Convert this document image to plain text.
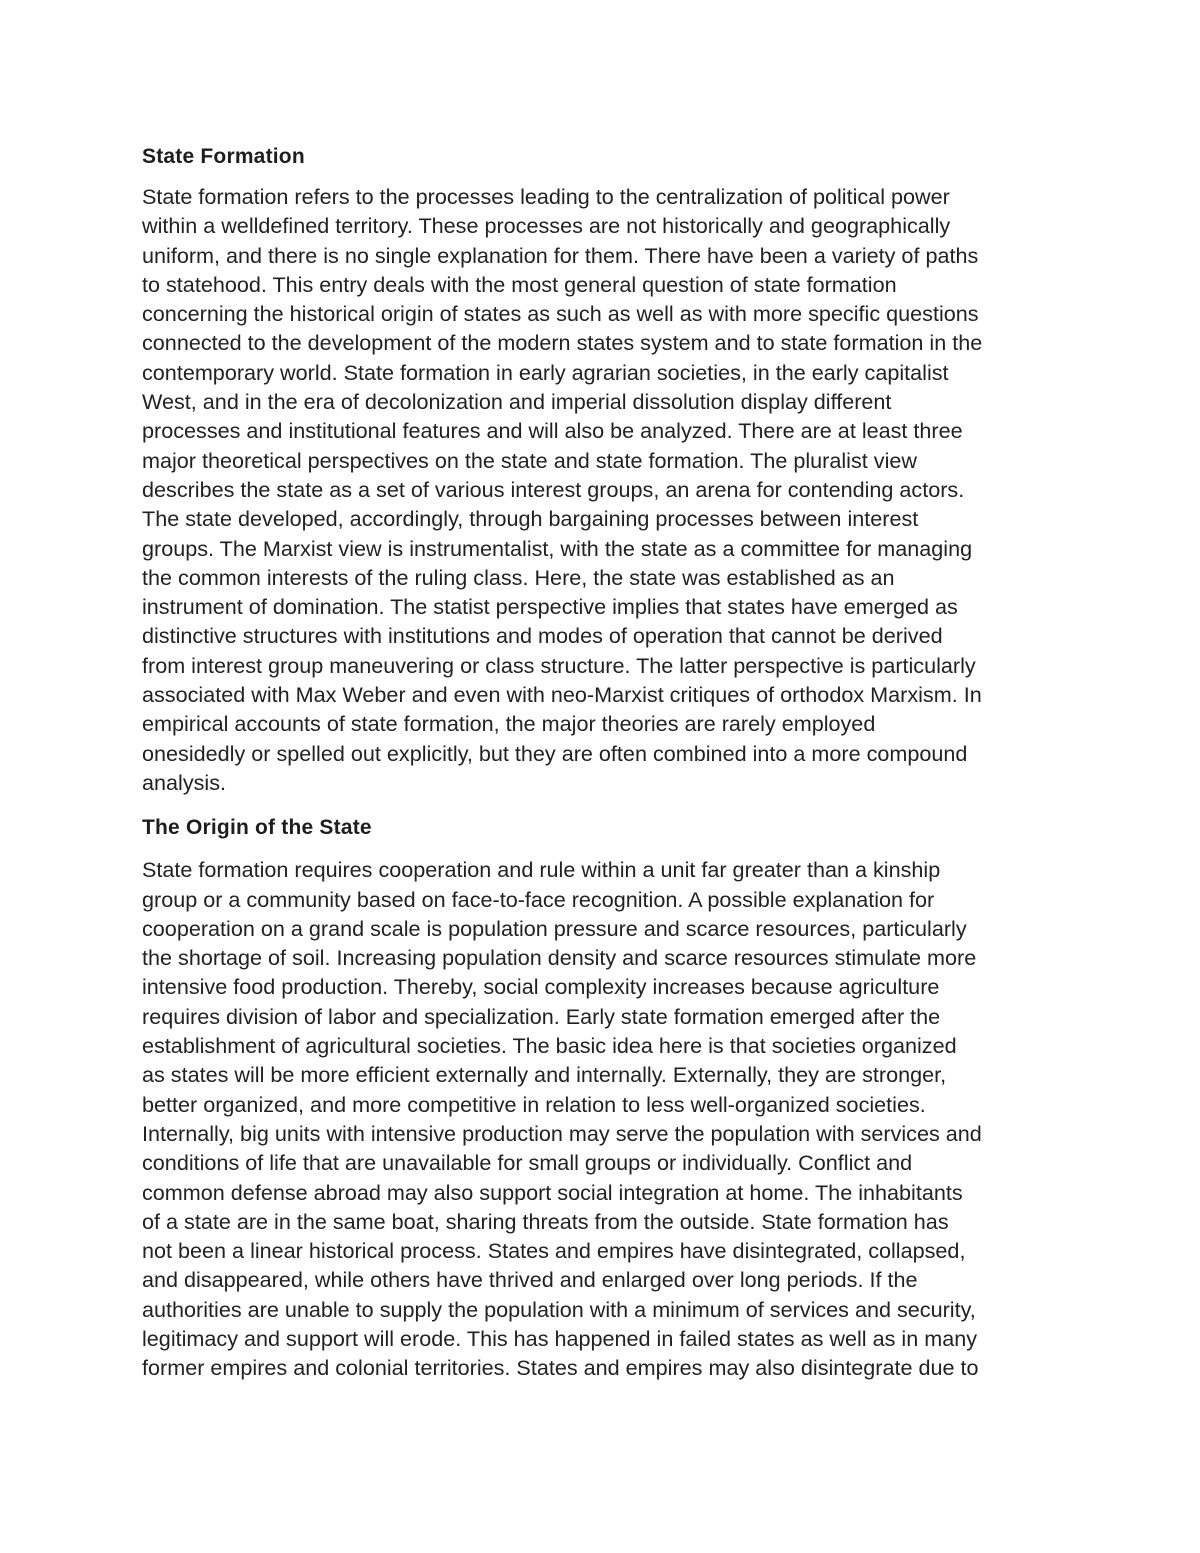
State Formation
State formation refers to the processes leading to the centralization of political power
within a welldefined territory. These processes are not historically and geographically
uniform, and there is no single explanation for them. There have been a variety of paths
to statehood. This entry deals with the most general question of state formation
concerning the historical origin of states as such as well as with more specific questions
connected to the development of the modern states system and to state formation in the
contemporary world. State formation in early agrarian societies, in the early capitalist
West, and in the era of decolonization and imperial dissolution display different
processes and institutional features and will also be analyzed. There are at least three
major theoretical perspectives on the state and state formation. The pluralist view
describes the state as a set of various interest groups, an arena for contending actors.
The state developed, accordingly, through bargaining processes between interest
groups. The Marxist view is instrumentalist, with the state as a committee for managing
the common interests of the ruling class. Here, the state was established as an
instrument of domination. The statist perspective implies that states have emerged as
distinctive structures with institutions and modes of operation that cannot be derived
from interest group maneuvering or class structure. The latter perspective is particularly
associated with Max Weber and even with neo-Marxist critiques of orthodox Marxism. In
empirical accounts of state formation, the major theories are rarely employed
onesidedly or spelled out explicitly, but they are often combined into a more compound
analysis.
The Origin of the State
State formation requires cooperation and rule within a unit far greater than a kinship
group or a community based on face-to-face recognition. A possible explanation for
cooperation on a grand scale is population pressure and scarce resources, particularly
the shortage of soil. Increasing population density and scarce resources stimulate more
intensive food production. Thereby, social complexity increases because agriculture
requires division of labor and specialization. Early state formation emerged after the
establishment of agricultural societies. The basic idea here is that societies organized
as states will be more efficient externally and internally. Externally, they are stronger,
better organized, and more competitive in relation to less well-organized societies.
Internally, big units with intensive production may serve the population with services and
conditions of life that are unavailable for small groups or individually. Conflict and
common defense abroad may also support social integration at home. The inhabitants
of a state are in the same boat, sharing threats from the outside. State formation has
not been a linear historical process. States and empires have disintegrated, collapsed,
and disappeared, while others have thrived and enlarged over long periods. If the
authorities are unable to supply the population with a minimum of services and security,
legitimacy and support will erode. This has happened in failed states as well as in many
former empires and colonial territories. States and empires may also disintegrate due to
